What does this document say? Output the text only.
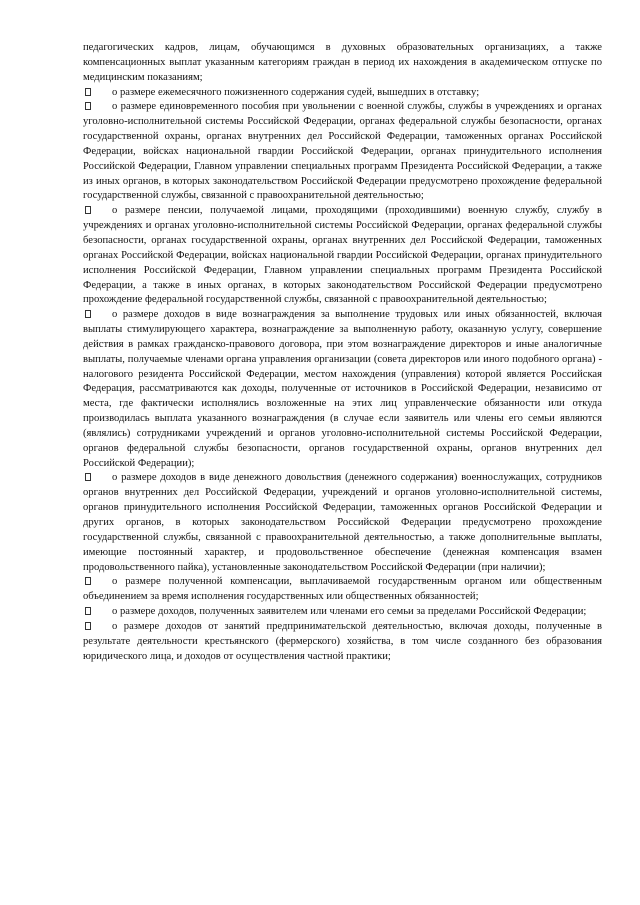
педагогических кадров, лицам, обучающимся в духовных образовательных организациях, а также компенсационных выплат указанным категориям граждан в период их нахождения в академическом отпуске по медицинским показаниям;

о размере ежемесячного пожизненного содержания судей, вышедших в отставку;

о размере единовременного пособия при увольнении с военной службы, службы в учреждениях и органах уголовно-исполнительной системы Российской Федерации, органах федеральной службы безопасности, органах государственной охраны, органах внутренних дел Российской Федерации, таможенных органах Российской Федерации, войсках национальной гвардии Российской Федерации, органах принудительного исполнения Российской Федерации, Главном управлении специальных программ Президента Российской Федерации, а также из иных органов, в которых законодательством Российской Федерации предусмотрено прохождение федеральной государственной службы, связанной с правоохранительной деятельностью;

о размере пенсии, получаемой лицами, проходящими (проходившими) военную службу, службу в учреждениях и органах уголовно-исполнительной системы Российской Федерации, органах федеральной службы безопасности, органах государственной охраны, органах внутренних дел Российской Федерации, таможенных органах Российской Федерации, войсках национальной гвардии Российской Федерации, органах принудительного исполнения Российской Федерации, Главном управлении специальных программ Президента Российской Федерации, а также в иных органах, в которых законодательством Российской Федерации предусмотрено прохождение федеральной государственной службы, связанной с правоохранительной деятельностью;

о размере доходов в виде вознаграждения за выполнение трудовых или иных обязанностей, включая выплаты стимулирующего характера, вознаграждение за выполненную работу, оказанную услугу, совершение действия в рамках гражданско-правового договора, при этом вознаграждение директоров и иные аналогичные выплаты, получаемые членами органа управления организации (совета директоров или иного подобного органа) - налогового резидента Российской Федерации, местом нахождения (управления) которой является Российская Федерация, рассматриваются как доходы, полученные от источников в Российской Федерации, независимо от места, где фактически исполнялись возложенные на этих лиц управленческие обязанности или откуда производилась выплата указанного вознаграждения (в случае если заявитель или члены его семьи являются (являлись) сотрудниками учреждений и органов уголовно-исполнительной системы Российской Федерации, органов федеральной службы безопасности, органов государственной охраны, органов внутренних дел Российской Федерации);

о размере доходов в виде денежного довольствия (денежного содержания) военнослужащих, сотрудников органов внутренних дел Российской Федерации, учреждений и органов уголовно-исполнительной системы, органов принудительного исполнения Российской Федерации, таможенных органов Российской Федерации и других органов, в которых законодательством Российской Федерации предусмотрено прохождение государственной службы, связанной с правоохранительной деятельностью, а также дополнительные выплаты, имеющие постоянный характер, и продовольственное обеспечение (денежная компенсация взамен продовольственного пайка), установленные законодательством Российской Федерации (при наличии);

о размере полученной компенсации, выплачиваемой государственным органом или общественным объединением за время исполнения государственных или общественных обязанностей;

о размере доходов, полученных заявителем или членами его семьи за пределами Российской Федерации;

о размере доходов от занятий предпринимательской деятельностью, включая доходы, полученные в результате деятельности крестьянского (фермерского) хозяйства, в том числе созданного без образования юридического лица, и доходов от осуществления частной практики;
